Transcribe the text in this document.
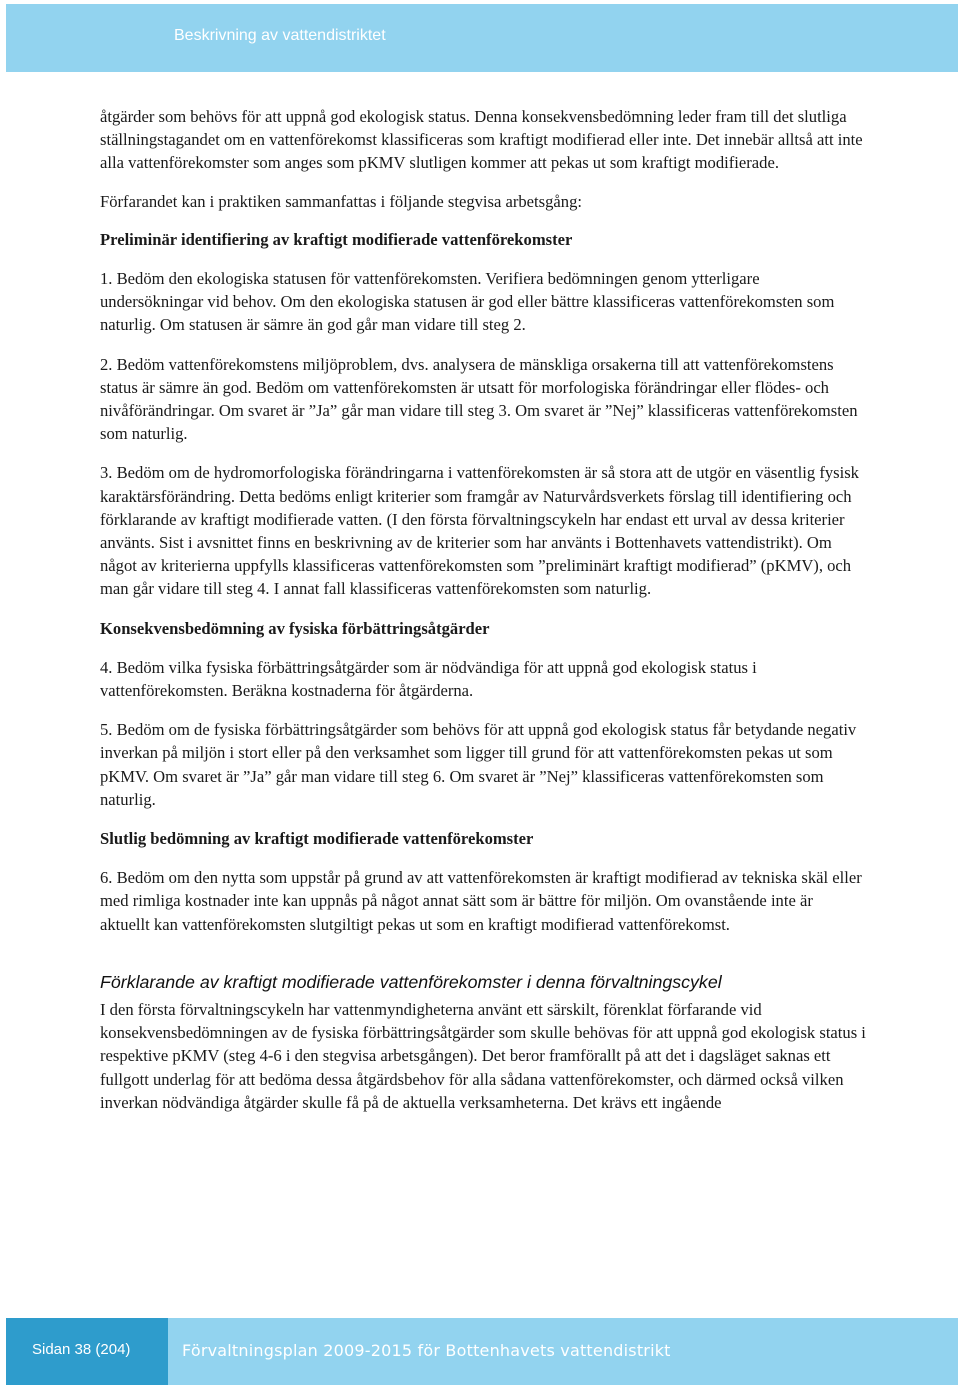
Beskrivning av vattendistriktet

åtgärder som behövs för att uppnå god ekologisk status. Denna konsekvensbedömning leder fram till det slutliga ställningstagandet om en vattenförekomst klassificeras som kraftigt modifierad eller inte. Det innebär alltså att inte alla vattenförekomster som anges som pKMV slutligen kommer att pekas ut som kraftigt modifierade.

Förfarandet kan i praktiken sammanfattas i följande stegvisa arbetsgång:

Preliminär identifiering av kraftigt modifierade vattenförekomster

1. Bedöm den ekologiska statusen för vattenförekomsten. Verifiera bedömningen genom ytterligare undersökningar vid behov. Om den ekologiska statusen är god eller bättre klassificeras vattenförekomsten som naturlig. Om statusen är sämre än god går man vidare till steg 2.

2. Bedöm vattenförekomstens miljöproblem, dvs. analysera de mänskliga orsakerna till att vattenförekomstens status är sämre än god. Bedöm om vattenförekomsten är utsatt för morfologiska förändringar eller flödes- och nivåförändringar. Om svaret är ”Ja” går man vidare till steg 3. Om svaret är ”Nej” klassificeras vattenförekomsten som naturlig.

3. Bedöm om de hydromorfologiska förändringarna i vattenförekomsten är så stora att de utgör en väsentlig fysisk karaktärsförändring. Detta bedöms enligt kriterier som framgår av Naturvårdsverkets förslag till identifiering och förklarande av kraftigt modifierade vatten. (I den första förvaltningscykeln har endast ett urval av dessa kriterier använts. Sist i avsnittet finns en beskrivning av de kriterier som har använts i Bottenhavets vattendistrikt). Om något av kriterierna uppfylls klassificeras vattenförekomsten som ”preliminärt kraftigt modifierad” (pKMV), och man går vidare till steg 4. I annat fall klassificeras vattenförekomsten som naturlig.

Konsekvensbedömning av fysiska förbättringsåtgärder

4. Bedöm vilka fysiska förbättringsåtgärder som är nödvändiga för att uppnå god ekologisk status i vattenförekomsten. Beräkna kostnaderna för åtgärderna.

5. Bedöm om de fysiska förbättringsåtgärder som behövs för att uppnå god ekologisk status får betydande negativ inverkan på miljön i stort eller på den verksamhet som ligger till grund för att vattenförekomsten pekas ut som pKMV. Om svaret är ”Ja” går man vidare till steg 6. Om svaret är ”Nej” klassificeras vattenförekomsten som naturlig.

Slutlig bedömning av kraftigt modifierade vattenförekomster

6. Bedöm om den nytta som uppstår på grund av att vattenförekomsten är kraftigt modifierad av tekniska skäl eller med rimliga kostnader inte kan uppnås på något annat sätt som är bättre för miljön. Om ovanstående inte är aktuellt kan vattenförekomsten slutgiltigt pekas ut som en kraftigt modifierad vattenförekomst.

Förklarande av kraftigt modifierade vattenförekomster i denna förvaltningscykel

I den första förvaltningscykeln har vattenmyndigheterna använt ett särskilt, förenklat förfarande vid konsekvensbedömningen av de fysiska förbättringsåtgärder som skulle behövas för att uppnå god ekologisk status i respektive pKMV (steg 4-6 i den stegvisa arbetsgången). Det beror framförallt på att det i dagsläget saknas ett fullgott underlag för att bedöma dessa åtgärdsbehov för alla sådana vattenförekomster, och därmed också vilken inverkan nödvändiga åtgärder skulle få på de aktuella verksamheterna. Det krävs ett ingående

Sidan 38 (204)	Förvaltningsplan 2009-2015 för Bottenhavets vattendistrikt
